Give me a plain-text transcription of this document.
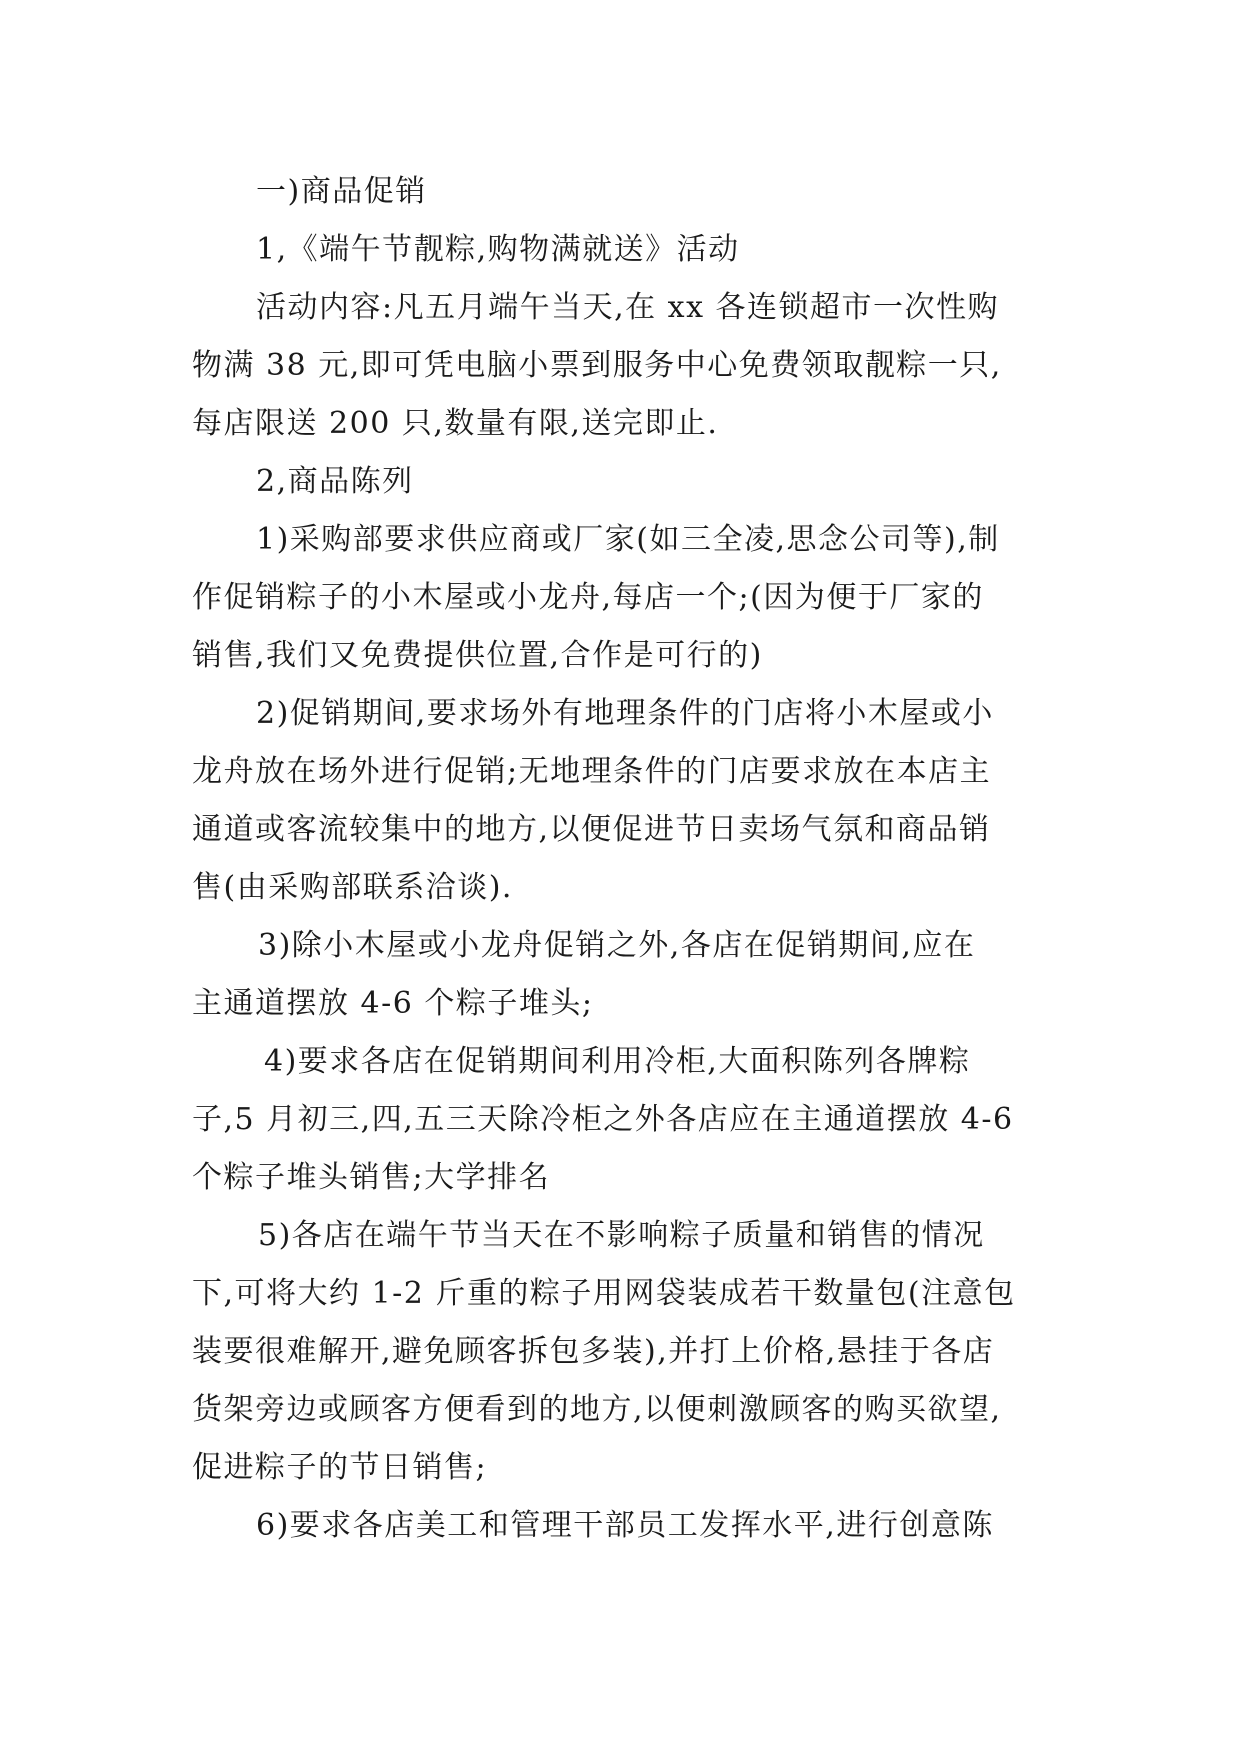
一)商品促销
1,《端午节靓粽,购物满就送》活动
活动内容:凡五月端午当天,在 xx 各连锁超市一次性购
物满 38 元,即可凭电脑小票到服务中心免费领取靓粽一只,
每店限送 200 只,数量有限,送完即止.
2,商品陈列
1)采购部要求供应商或厂家(如三全凌,思念公司等),制
作促销粽子的小木屋或小龙舟,每店一个;(因为便于厂家的
销售,我们又免费提供位置,合作是可行的)
2)促销期间,要求场外有地理条件的门店将小木屋或小
龙舟放在场外进行促销;无地理条件的门店要求放在本店主
通道或客流较集中的地方,以便促进节日卖场气氛和商品销
售(由采购部联系洽谈).
3)除小木屋或小龙舟促销之外,各店在促销期间,应在
主通道摆放 4-6 个粽子堆头;
4)要求各店在促销期间利用冷柜,大面积陈列各牌粽
子,5 月初三,四,五三天除冷柜之外各店应在主通道摆放 4-6
个粽子堆头销售;大学排名
5)各店在端午节当天在不影响粽子质量和销售的情况
下,可将大约 1-2 斤重的粽子用网袋装成若干数量包(注意包
装要很难解开,避免顾客拆包多装),并打上价格,悬挂于各店
货架旁边或顾客方便看到的地方,以便刺激顾客的购买欲望,
促进粽子的节日销售;
6)要求各店美工和管理干部员工发挥水平,进行创意陈
